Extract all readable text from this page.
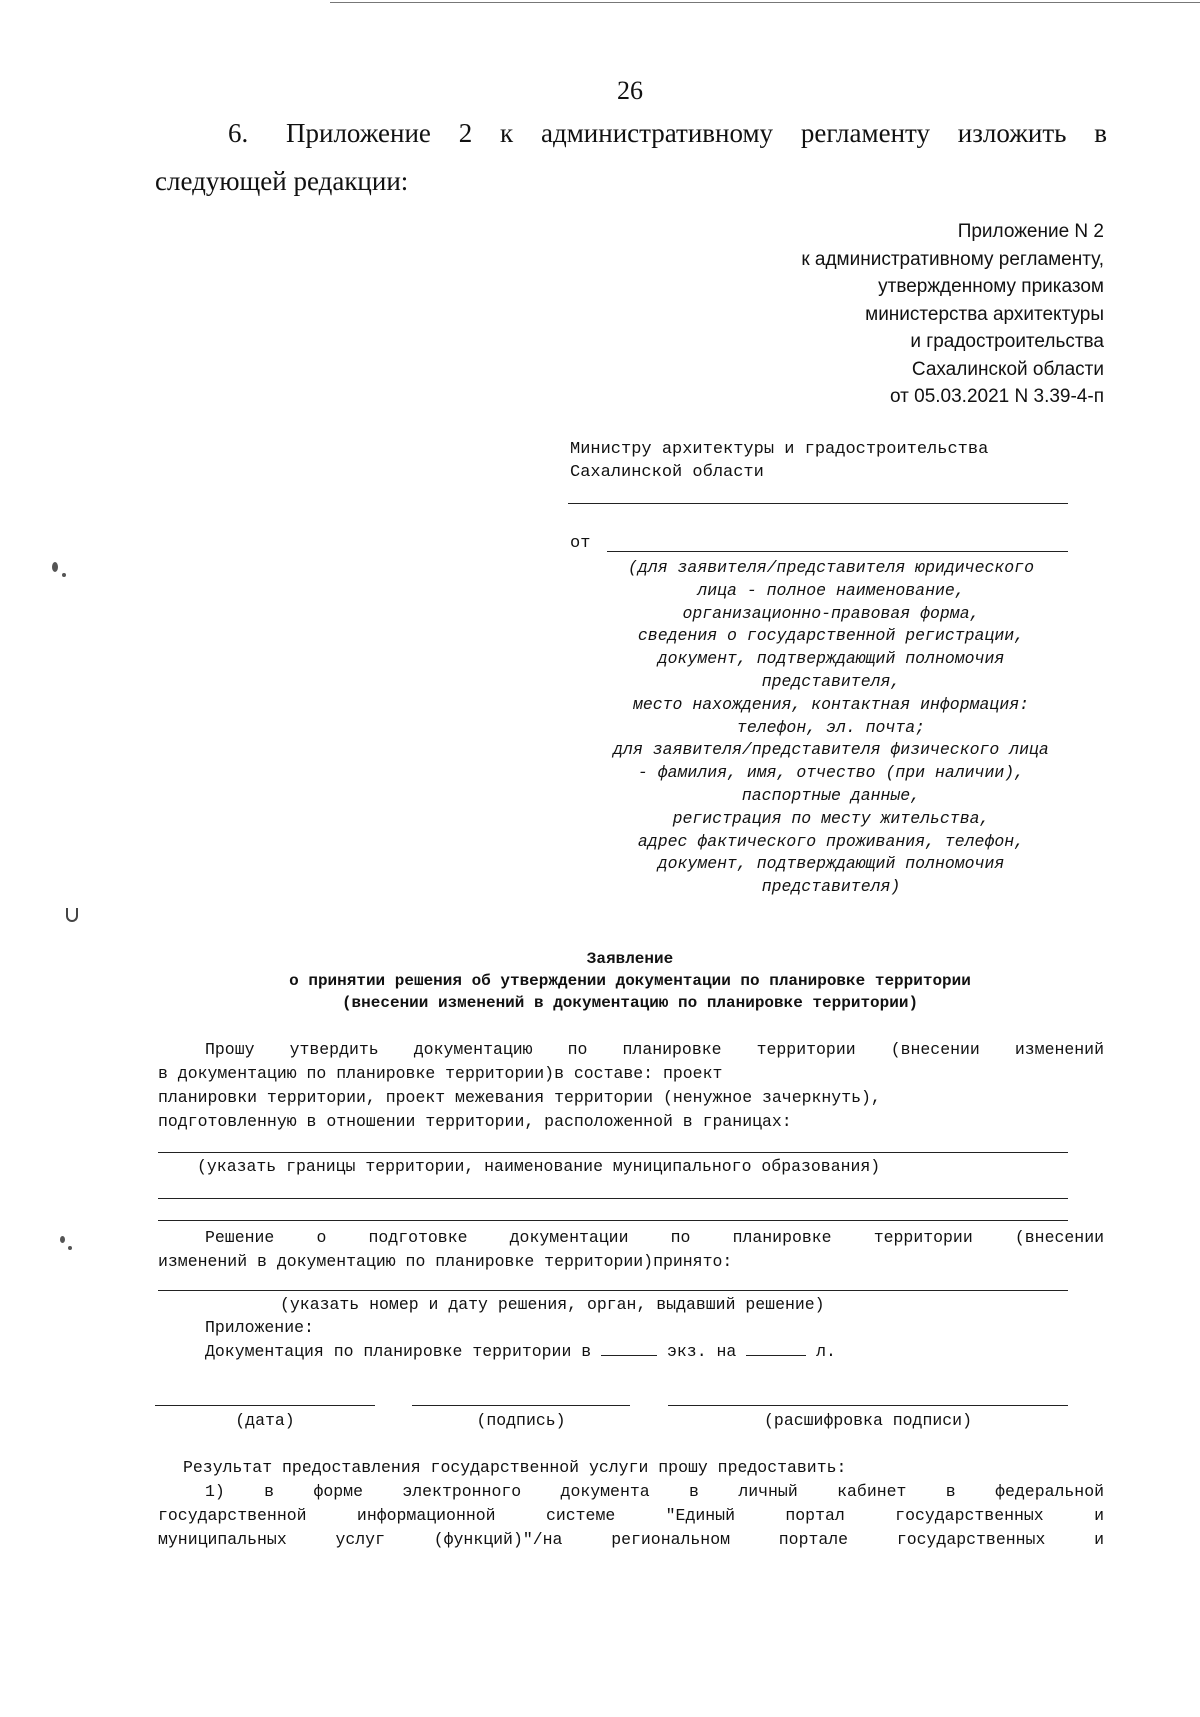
26
6. Приложение 2 к административному регламенту изложить в
следующей редакции:
Приложение N 2
к административному регламенту,
утвержденному приказом
министерства архитектуры
и градостроительства
Сахалинской области
от 05.03.2021 N 3.39-4-п
Министру архитектуры и градостроительства
Сахалинской области
от
(для заявителя/представителя юридического
лица - полное наименование,
организационно-правовая форма,
сведения о государственной регистрации,
документ, подтверждающий полномочия
представителя,
место нахождения, контактная информация:
телефон, эл. почта;
для заявителя/представителя физического лица
- фамилия, имя, отчество (при наличии),
паспортные данные,
регистрация по месту жительства,
адрес фактического проживания, телефон,
документ, подтверждающий полномочия
представителя)
Заявление
о принятии решения об утверждении документации по планировке территории
(внесении изменений в документацию по планировке территории)
Прошу утвердить документацию по планировке территории (внесении изменений
в документацию по планировке территории)в составе: проект
планировки территории, проект межевания территории (ненужное зачеркнуть),
подготовленную в отношении территории, расположенной в границах:
(указать границы территории, наименование муниципального образования)
Решение о подготовке документации по планировке территории (внесении
изменений в документацию по планировке территории)принято:
(указать номер и дату решения, орган, выдавший решение)
Приложение:
Документация по планировке территории в	экз. на	л.
(дата)	(подпись)	(расшифровка подписи)
Результат предоставления государственной услуги прошу предоставить:
1) в форме электронного документа в личный кабинет в федеральной
государственной информационной системе "Единый портал государственных и
муниципальных услуг (функций)"/на региональном портале государственных и
